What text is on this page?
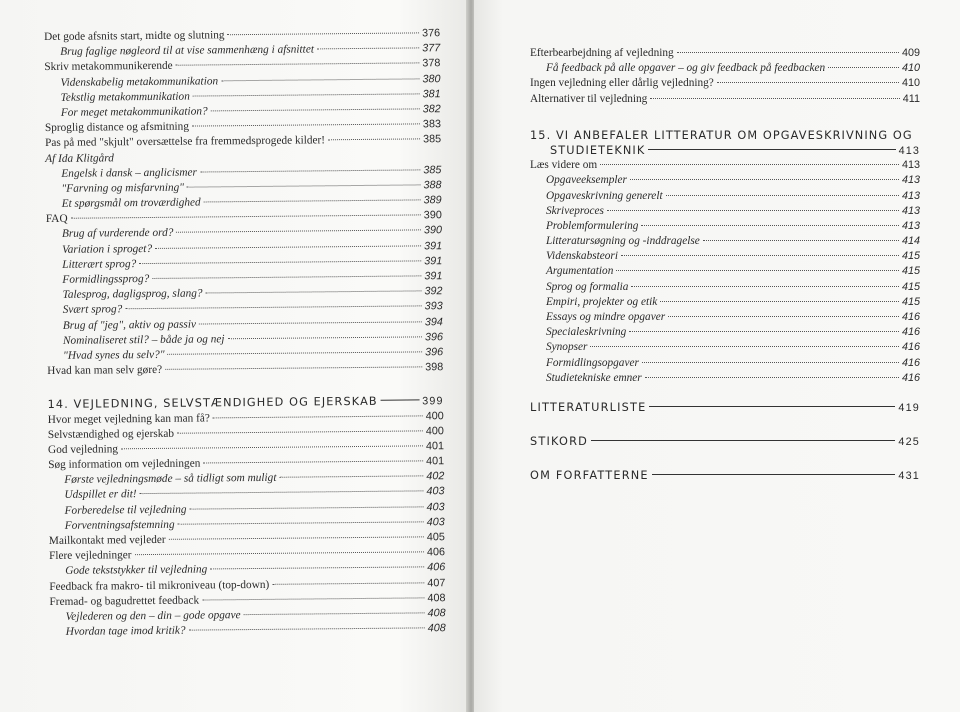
Det gode afsnits start, midte og slutning	376
Brug faglige nøgleord til at vise sammenhæng i afsnittet	377
Skriv metakommunikerende	378
Videnskabelig metakommunikation	380
Tekstlig metakommunikation	381
For meget metakommunikation?	382
Sproglig distance og afsmitning	383
Pas på med "skjult" oversættelse fra fremmedsprogede kilder!	385
Af Ida Klitgård
Engelsk i dansk – anglicismer	385
"Farvning og misfarvning"	388
Et spørgsmål om troværdighed	389
FAQ	390
Brug af vurderende ord?	390
Variation i sproget?	391
Litterært sprog?	391
Formidlingssprog?	391
Talesprog, dagligsprog, slang?	392
Svært sprog?	393
Brug af "jeg", aktiv og passiv	394
Nominaliseret stil? – både ja og nej	396
"Hvad synes du selv?"	396
Hvad kan man selv gøre?	398
14. VEJLEDNING, SELVSTÆNDIGHED OG EJERSKAB	399
Hvor meget vejledning kan man få?	400
Selvstændighed og ejerskab	400
God vejledning	401
Søg information om vejledningen	401
Første vejledningsmøde – så tidligt som muligt	402
Udspillet er dit!	403
Forberedelse til vejledning	403
Forventningsafstemning	403
Mailkontakt med vejleder	405
Flere vejledninger	406
Gode tekststykker til vejledning	406
Feedback fra makro- til mikroniveau (top-down)	407
Fremad- og bagudrettet feedback	408
Vejlederen og den – din – gode opgave	408
Hvordan tage imod kritik?	408
Efterbearbejdning af vejledning	409
Få feedback på alle opgaver – og giv feedback på feedbacken	410
Ingen vejledning eller dårlig vejledning?	410
Alternativer til vejledning	411
15. VI ANBEFALER LITTERATUR OM OPGAVESKRIVNING OG
STUDIETEKNIK	413
Læs videre om	413
Opgaveeksempler	413
Opgaveskrivning generelt	413
Skriveproces	413
Problemformulering	413
Litteratursøgning og -inddragelse	414
Videnskabsteori	415
Argumentation	415
Sprog og formalia	415
Empiri, projekter og etik	415
Essays og mindre opgaver	416
Specialeskrivning	416
Synopser	416
Formidlingsopgaver	416
Studietekniske emner	416
LITTERATURLISTE	419
STIKORD	425
OM FORFATTERNE	431
